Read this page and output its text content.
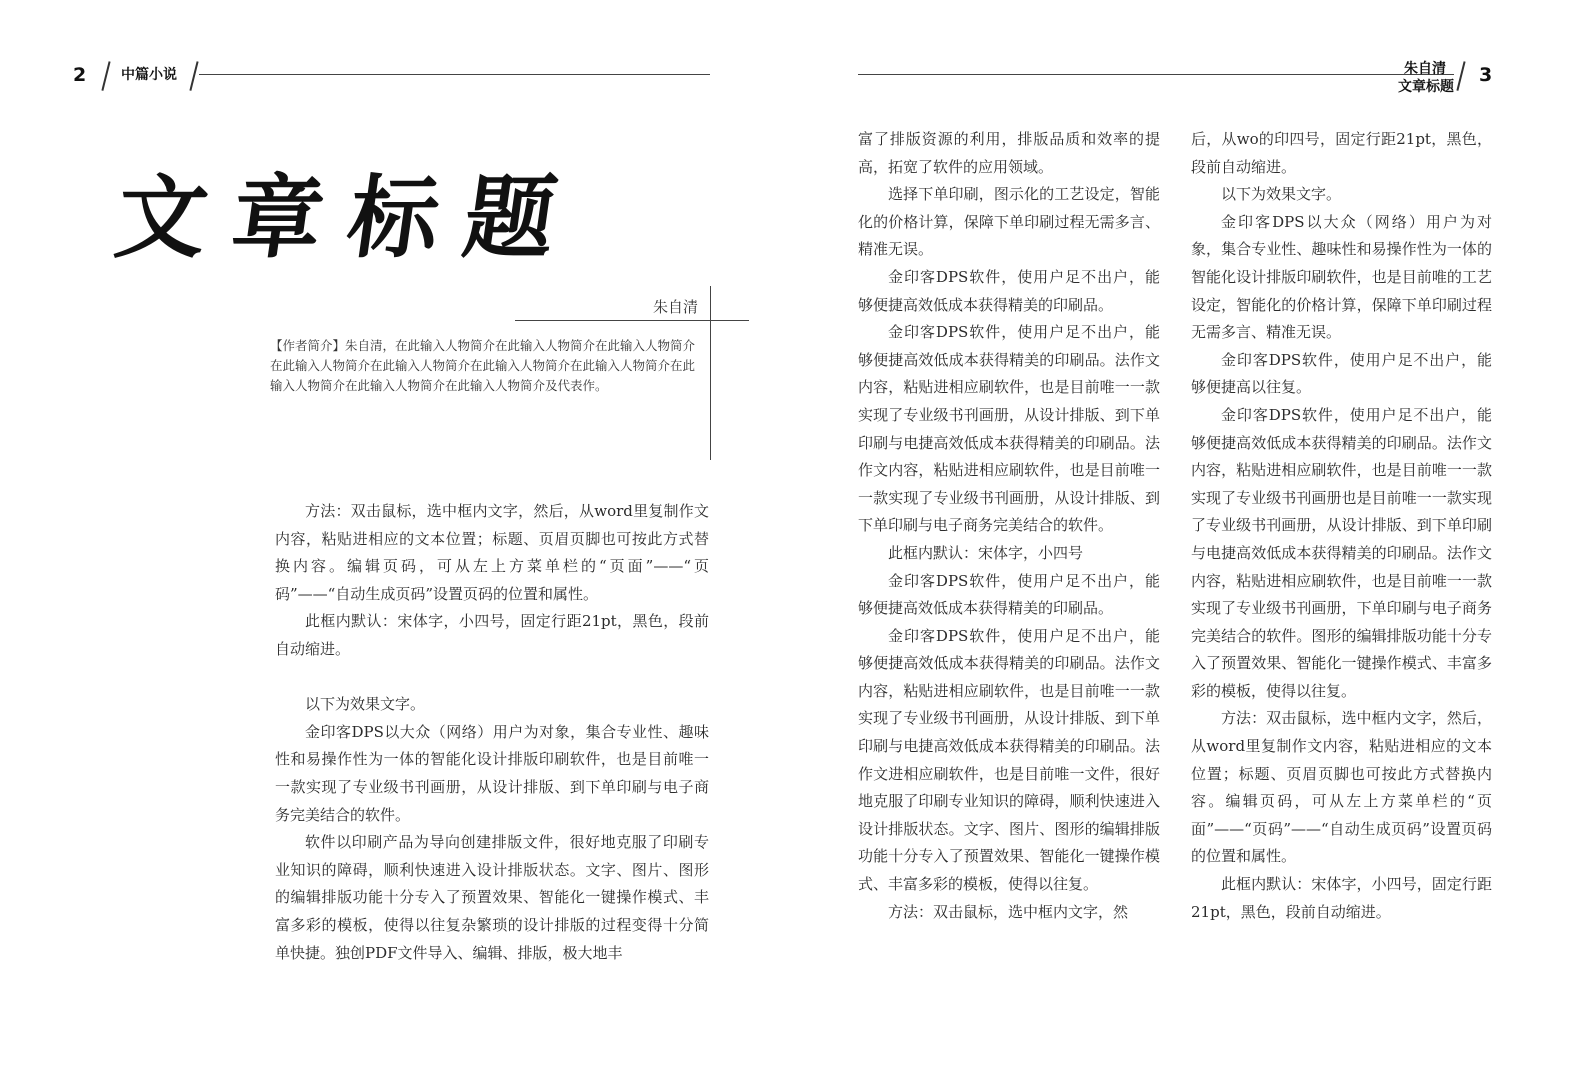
2 中篇小说
文章标题
朱自清
【作者简介】朱自清，在此输入人物简介在此输入人物简介在此输入人物简介在此输入人物简介在此输入人物简介在此输入人物简介在此输入人物简介在此输入人物简介在此输入人物简介在此输入人物简介及代表作。

方法：双击鼠标，选中框内文字，然后，从word里复制作文内容，粘贴进相应的文本位置；标题、页眉页脚也可按此方式替换内容。编辑页码，可从左上方菜单栏的“页面”——“页码”——“自动生成页码”设置页码的位置和属性。

此框内默认：宋体字，小四号，固定行距21pt，黑色，段前自动缩进。

以下为效果文字。

金印客DPS以大众（网络）用户为对象，集合专业性、趣味性和易操作性为一体的智能化设计排版印刷软件，也是目前唯一一款实现了专业级书刊画册，从设计排版、到下单印刷与电子商务完美结合的软件。

软件以印刷产品为导向创建排版文件，很好地克服了印刷专业知识的障碍，顺利快速进入设计排版状态。文字、图片、图形的编辑排版功能十分专入了预置效果、智能化一键操作模式、丰富多彩的模板，使得以往复杂繁琐的设计排版的过程变得十分简单快捷。独创PDF文件导入、编辑、排版，极大地丰

朱自清
文章标题
3

富了排版资源的利用，排版品质和效率的提高，拓宽了软件的应用领域。

选择下单印刷，图示化的工艺设定，智能化的价格计算，保障下单印刷过程无需多言、精准无误。

金印客DPS软件，使用户足不出户，能够便捷高效低成本获得精美的印刷品。

金印客DPS软件，使用户足不出户，能够便捷高效低成本获得精美的印刷品。法作文内容，粘贴进相应刷软件，也是目前唯一一款实现了专业级书刊画册，从设计排版、到下单印刷与电捷高效低成本获得精美的印刷品。法作文内容，粘贴进相应刷软件，也是目前唯一一款实现了专业级书刊画册，从设计排版、到下单印刷与电子商务完美结合的软件。

此框内默认：宋体字，小四号

金印客DPS软件，使用户足不出户，能够便捷高效低成本获得精美的印刷品。

金印客DPS软件，使用户足不出户，能够便捷高效低成本获得精美的印刷品。法作文内容，粘贴进相应刷软件，也是目前唯一一款实现了专业级书刊画册，从设计排版、到下单印刷与电捷高效低成本获得精美的印刷品。法作文进相应刷软件，也是目前唯一文件，很好地克服了印刷专业知识的障碍，顺利快速进入设计排版状态。文字、图片、图形的编辑排版功能十分专入了预置效果、智能化一键操作模式、丰富多彩的模板，使得以往复。

方法：双击鼠标，选中框内文字，然

后，从wo的印四号，固定行距21pt，黑色，段前自动缩进。

以下为效果文字。

金印客DPS以大众（网络）用户为对象，集合专业性、趣味性和易操作性为一体的智能化设计排版印刷软件，也是目前唯的工艺设定，智能化的价格计算，保障下单印刷过程无需多言、精准无误。

金印客DPS软件，使用户足不出户，能够便捷高以往复。

金印客DPS软件，使用户足不出户，能够便捷高效低成本获得精美的印刷品。法作文内容，粘贴进相应刷软件，也是目前唯一一款实现了专业级书刊画册也是目前唯一一款实现了专业级书刊画册，从设计排版、到下单印刷与电捷高效低成本获得精美的印刷品。法作文内容，粘贴进相应刷软件，也是目前唯一一款实现了专业级书刊画册，下单印刷与电子商务完美结合的软件。图形的编辑排版功能十分专入了预置效果、智能化一键操作模式、丰富多彩的模板，使得以往复。

方法：双击鼠标，选中框内文字，然后，从word里复制作文内容，粘贴进相应的文本位置；标题、页眉页脚也可按此方式替换内容。编辑页码，可从左上方菜单栏的“页面”——“页码”——“自动生成页码”设置页码的位置和属性。

此框内默认：宋体字，小四号，固定行距21pt，黑色，段前自动缩进。
